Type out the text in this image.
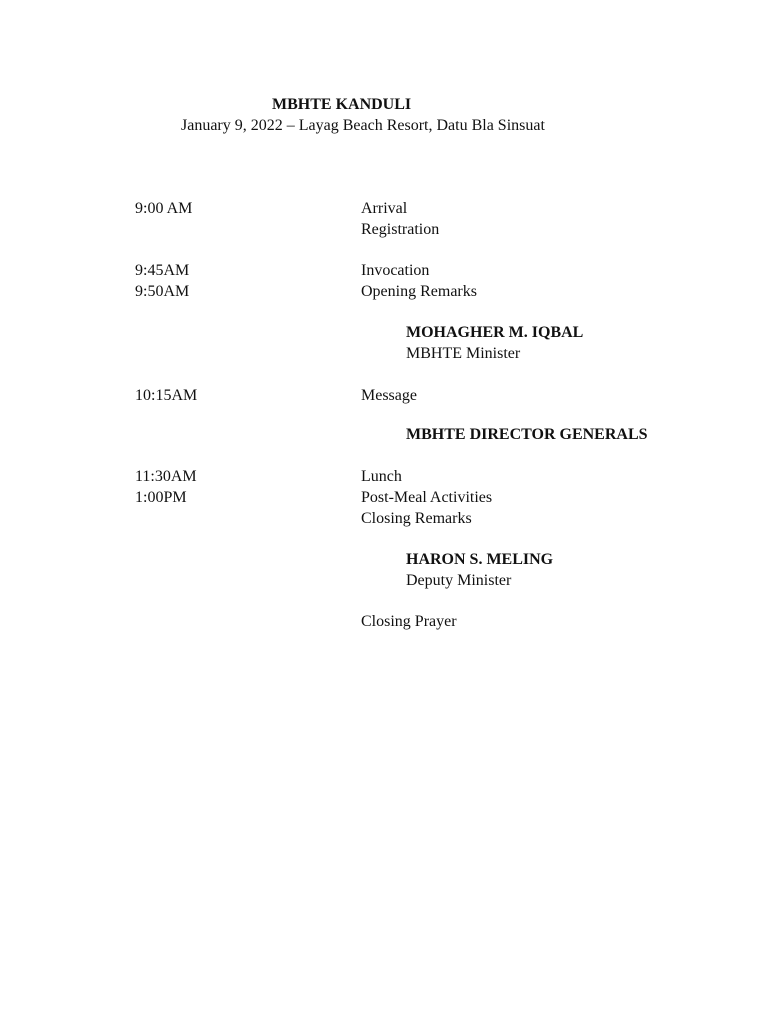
MBHTE KANDULI
January 9, 2022 – Layag Beach Resort, Datu Bla Sinsuat
9:00 AM	Arrival
Registration
9:45AM	Invocation
9:50AM	Opening Remarks
MOHAGHER M. IQBAL
MBHTE Minister
10:15AM	Message
MBHTE DIRECTOR GENERALS
11:30AM	Lunch
1:00PM	Post-Meal Activities
Closing Remarks
HARON S. MELING
Deputy Minister
Closing Prayer
